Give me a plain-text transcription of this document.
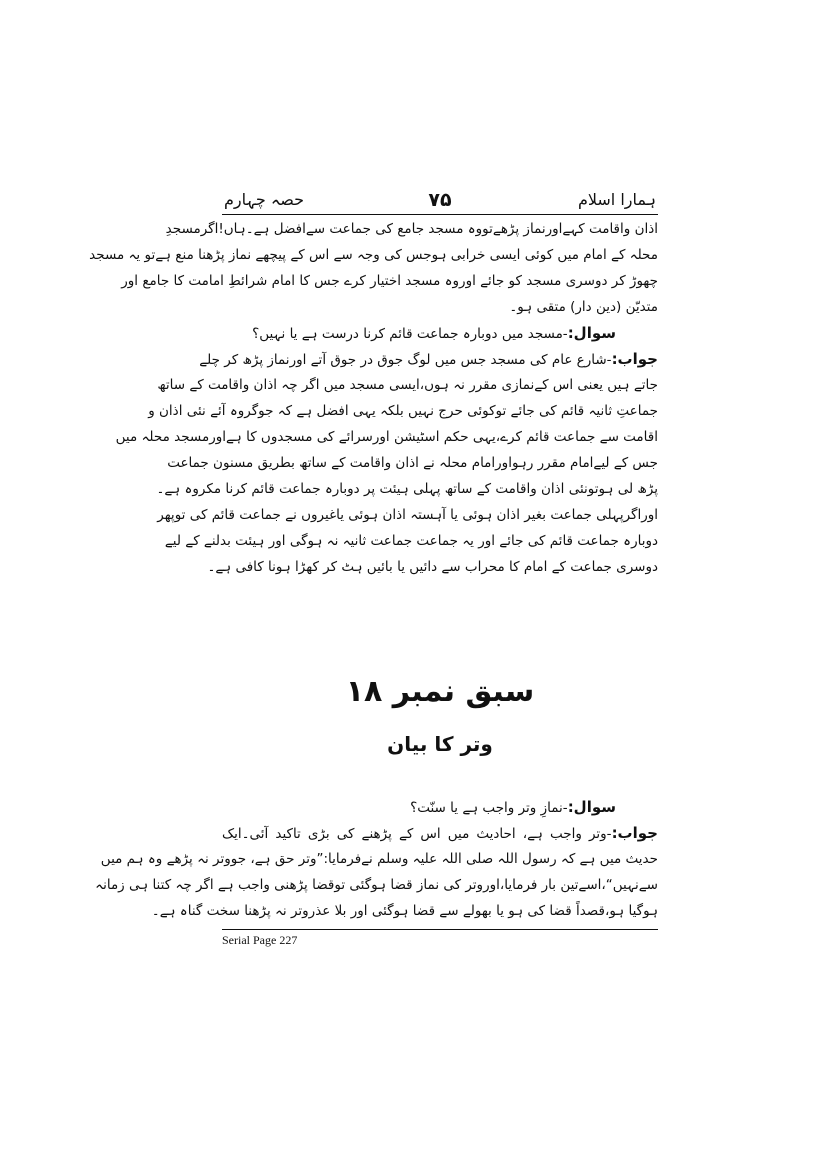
ہمارا اسلام
۷۵
حصہ چہارم
اذان واقامت کہےاورنماز پڑھےتووہ مسجد جامع کی جماعت سےافضل ہے۔ہاں!اگرمسجدِ
محلہ کے امام میں کوئی ایسی خرابی ہوجس کی وجہ سے اس کے پیچھے نماز پڑھنا منع ہےتو یہ مسجد
چھوڑ کر دوسری مسجد کو جائے اوروہ مسجد اختیار کرے جس کا امام شرائطِ امامت کا جامع اور
متدیّن (دین دار) متقی ہو۔
سوال:-مسجد میں دوبارہ جماعت قائم کرنا درست ہے یا نہیں؟
جواب:-شارع عام کی مسجد جس میں لوگ جوق در جوق آتے اورنماز پڑھ کر چلے
جاتے ہیں یعنی اس کےنمازی مقرر نہ ہوں،ایسی مسجد میں اگر چہ اذان واقامت کے ساتھ
جماعتِ ثانیہ قائم کی جائے توکوئی حرج نہیں بلکہ یہی افضل ہے کہ جوگروہ آئے نئی اذان و
اقامت سے جماعت قائم کرے،یہی حکم اسٹیشن اورسرائے کی مسجدوں کا ہےاورمسجد محلہ میں
جس کے لیےامام مقرر رہواورامام محلہ نے اذان واقامت کے ساتھ بطریق مسنون جماعت
پڑھ لی ہوتونئی اذان واقامت کے ساتھ پہلی ہیئت پر دوبارہ جماعت قائم کرنا مکروہ ہے۔
اوراگرپہلی جماعت بغیر اذان ہوئی یا آہستہ اذان ہوئی یاغیروں نے جماعت قائم کی توپھر
دوبارہ جماعت قائم کی جائے اور یہ جماعت جماعت ثانیہ نہ ہوگی اور ہیئت بدلنے کے لیے
دوسری جماعت کے امام کا محراب سے دائیں یا بائیں ہٹ کر کھڑا ہونا کافی ہے۔
سبق نمبر ۱۸
وتر کا بیان
سوال:-نمازِ وتر واجب ہے یا سنّت؟
جواب:-وتر واجب ہے، احادیث میں اس کے پڑھنے کی بڑی تاکید آئی۔ایک
حدیث میں ہے کہ رسول اللہ صلی اللہ علیہ وسلم نےفرمایا:”وتر حق ہے، جووتر نہ پڑھے وہ ہم میں
سےنہیں“،اسےتین بار فرمایا،اوروتر کی نماز قضا ہوگئی توقضا پڑھنی واجب ہے اگر چہ کتنا ہی زمانہ
ہوگیا ہو،قصداً قضا کی ہو یا بھولے سے قضا ہوگئی اور بلا عذروتر نہ پڑھنا سخت گناہ ہے۔
Serial Page 227
